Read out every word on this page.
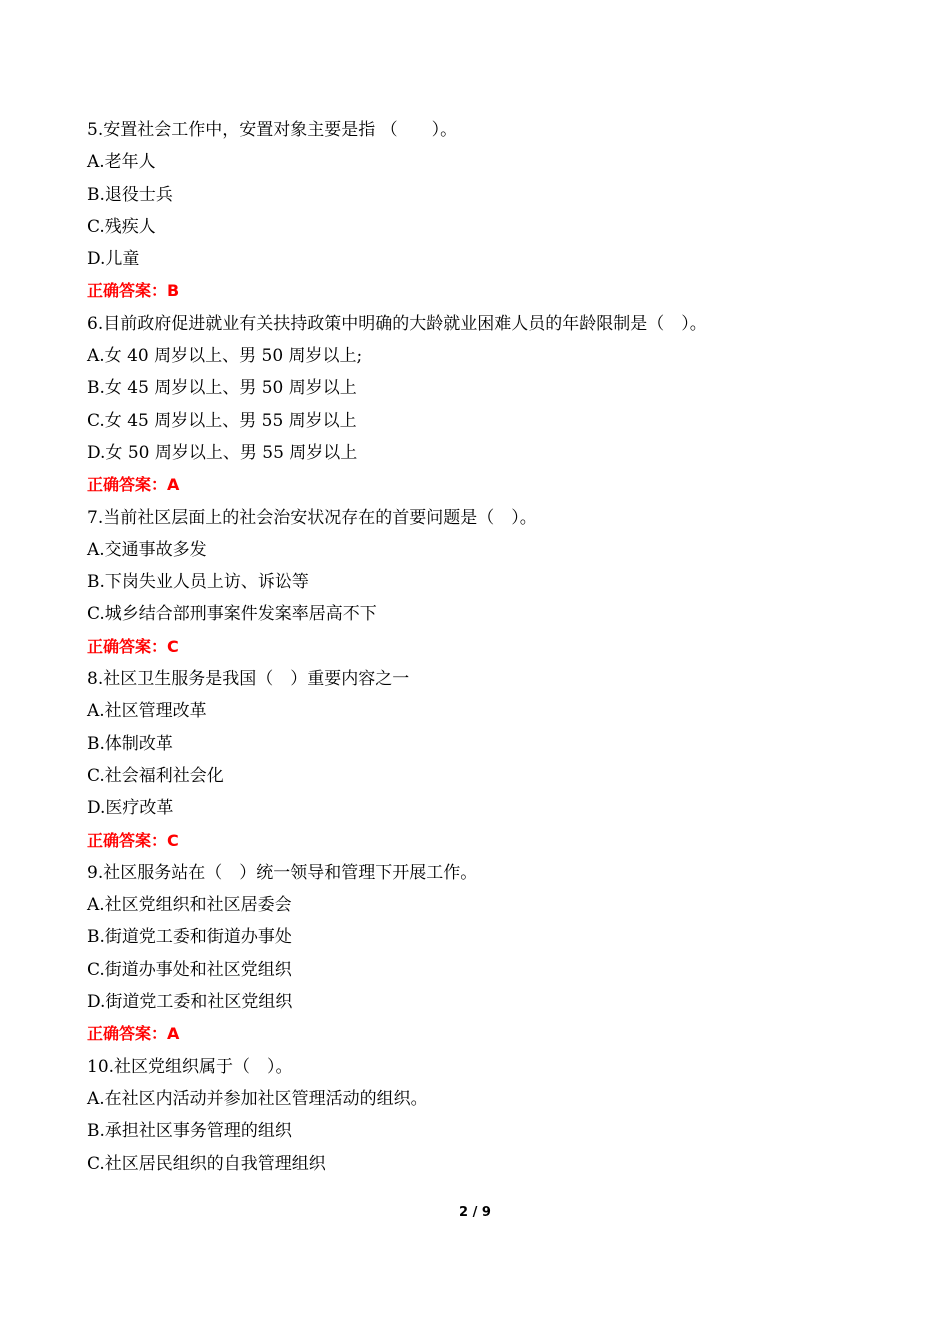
5.安置社会工作中，安置对象主要是指 （　　）。
A.老年人
B.退役士兵
C.残疾人
D.儿童
正确答案：B
6.目前政府促进就业有关扶持政策中明确的大龄就业困难人员的年龄限制是（　）。
A.女 40 周岁以上、男 50 周岁以上;
B.女 45 周岁以上、男 50 周岁以上
C.女 45 周岁以上、男 55 周岁以上
D.女 50 周岁以上、男 55 周岁以上
正确答案：A
7.当前社区层面上的社会治安状况存在的首要问题是（　）。
A.交通事故多发
B.下岗失业人员上访、诉讼等
C.城乡结合部刑事案件发案率居高不下
正确答案：C
8.社区卫生服务是我国（　）重要内容之一
A.社区管理改革
B.体制改革
C.社会福利社会化
D.医疗改革
正确答案：C
9.社区服务站在（　）统一领导和管理下开展工作。
A.社区党组织和社区居委会
B.街道党工委和街道办事处
C.街道办事处和社区党组织
D.街道党工委和社区党组织
正确答案：A
10.社区党组织属于（　）。
A.在社区内活动并参加社区管理活动的组织。
B.承担社区事务管理的组织
C.社区居民组织的自我管理组织
2 / 9
